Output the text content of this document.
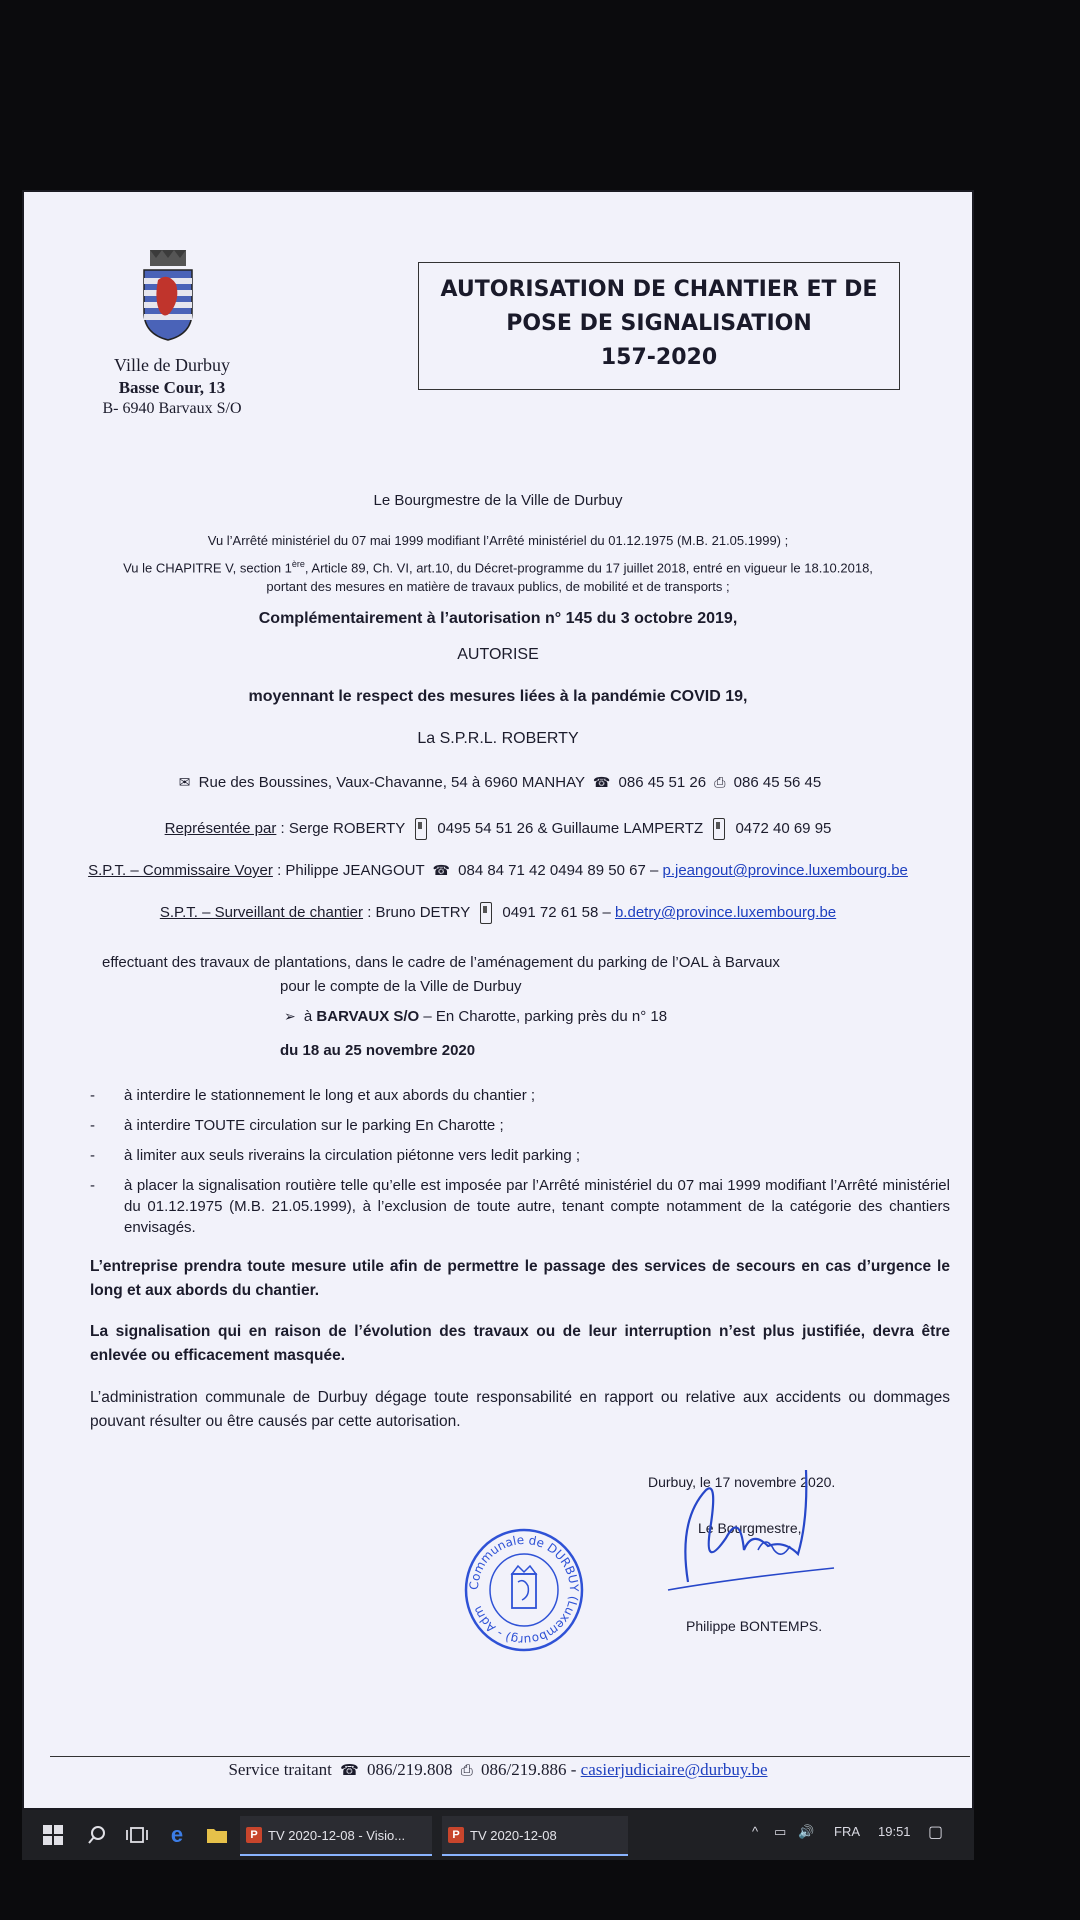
Ville de Durbuy
Basse Cour, 13
B- 6940 Barvaux S/O
AUTORISATION DE CHANTIER ET DE
POSE DE SIGNALISATION
157-2020
Le Bourgmestre de la Ville de Durbuy
Vu l’Arrêté ministériel du 07 mai 1999 modifiant l’Arrêté ministériel du 01.12.1975 (M.B. 21.05.1999) ;
Vu le CHAPITRE V, section 1ère, Article 89, Ch. VI, art.10, du Décret-programme du 17 juillet 2018, entré en vigueur le 18.10.2018,
portant des mesures en matière de travaux publics, de mobilité et de transports ;
Complémentairement à l’autorisation n° 145 du 3 octobre 2019,
AUTORISE
moyennant le respect des mesures liées à la pandémie COVID 19,
La S.P.R.L. ROBERTY
✉ Rue des Boussines, Vaux-Chavanne, 54 à 6960 MANHAY ☎ 086 45 51 26 ⎙ 086 45 56 45
Représentée par : Serge ROBERTY 0495 54 51 26 & Guillaume LAMPERTZ 0472 40 69 95
S.P.T. – Commissaire Voyer : Philippe JEANGOUT ☎ 084 84 71 42 0494 89 50 67 – p.jeangout@province.luxembourg.be
S.P.T. – Surveillant de chantier : Bruno DETRY 0491 72 61 58 – b.detry@province.luxembourg.be
effectuant des travaux de plantations, dans le cadre de l’aménagement du parking de l’OAL à Barvaux
pour le compte de la Ville de Durbuy
➢ à BARVAUX S/O – En Charotte, parking près du n° 18
du 18 au 25 novembre 2020
- à interdire le stationnement le long et aux abords du chantier ;
- à interdire TOUTE circulation sur le parking En Charotte ;
- à limiter aux seuls riverains la circulation piétonne vers ledit parking ;
- à placer la signalisation routière telle qu’elle est imposée par l’Arrêté ministériel du 07 mai 1999 modifiant l’Arrêté ministériel du 01.12.1975 (M.B. 21.05.1999), à l’exclusion de toute autre, tenant compte notamment de la catégorie des chantiers envisagés.
L’entreprise prendra toute mesure utile afin de permettre le passage des services de secours en cas d’urgence le long et aux abords du chantier.
La signalisation qui en raison de l’évolution des travaux ou de leur interruption n’est plus justifiée, devra être enlevée ou efficacement masquée.
L’administration communale de Durbuy dégage toute responsabilité en rapport ou relative aux accidents ou dommages pouvant résulter ou être causés par cette autorisation.
Durbuy, le 17 novembre 2020.
Le Bourgmestre,
Philippe BONTEMPS.
Communale de DURBUY (Luxembourg) - Adm
Service traitant ☎ 086/219.808 ⎙ 086/219.886 - casierjudiciaire@durbuy.be
e	P TV 2020-12-08 - Visio...	P TV 2020-12-08	^ ▭ 🔊 FRA 19:51 ▢
